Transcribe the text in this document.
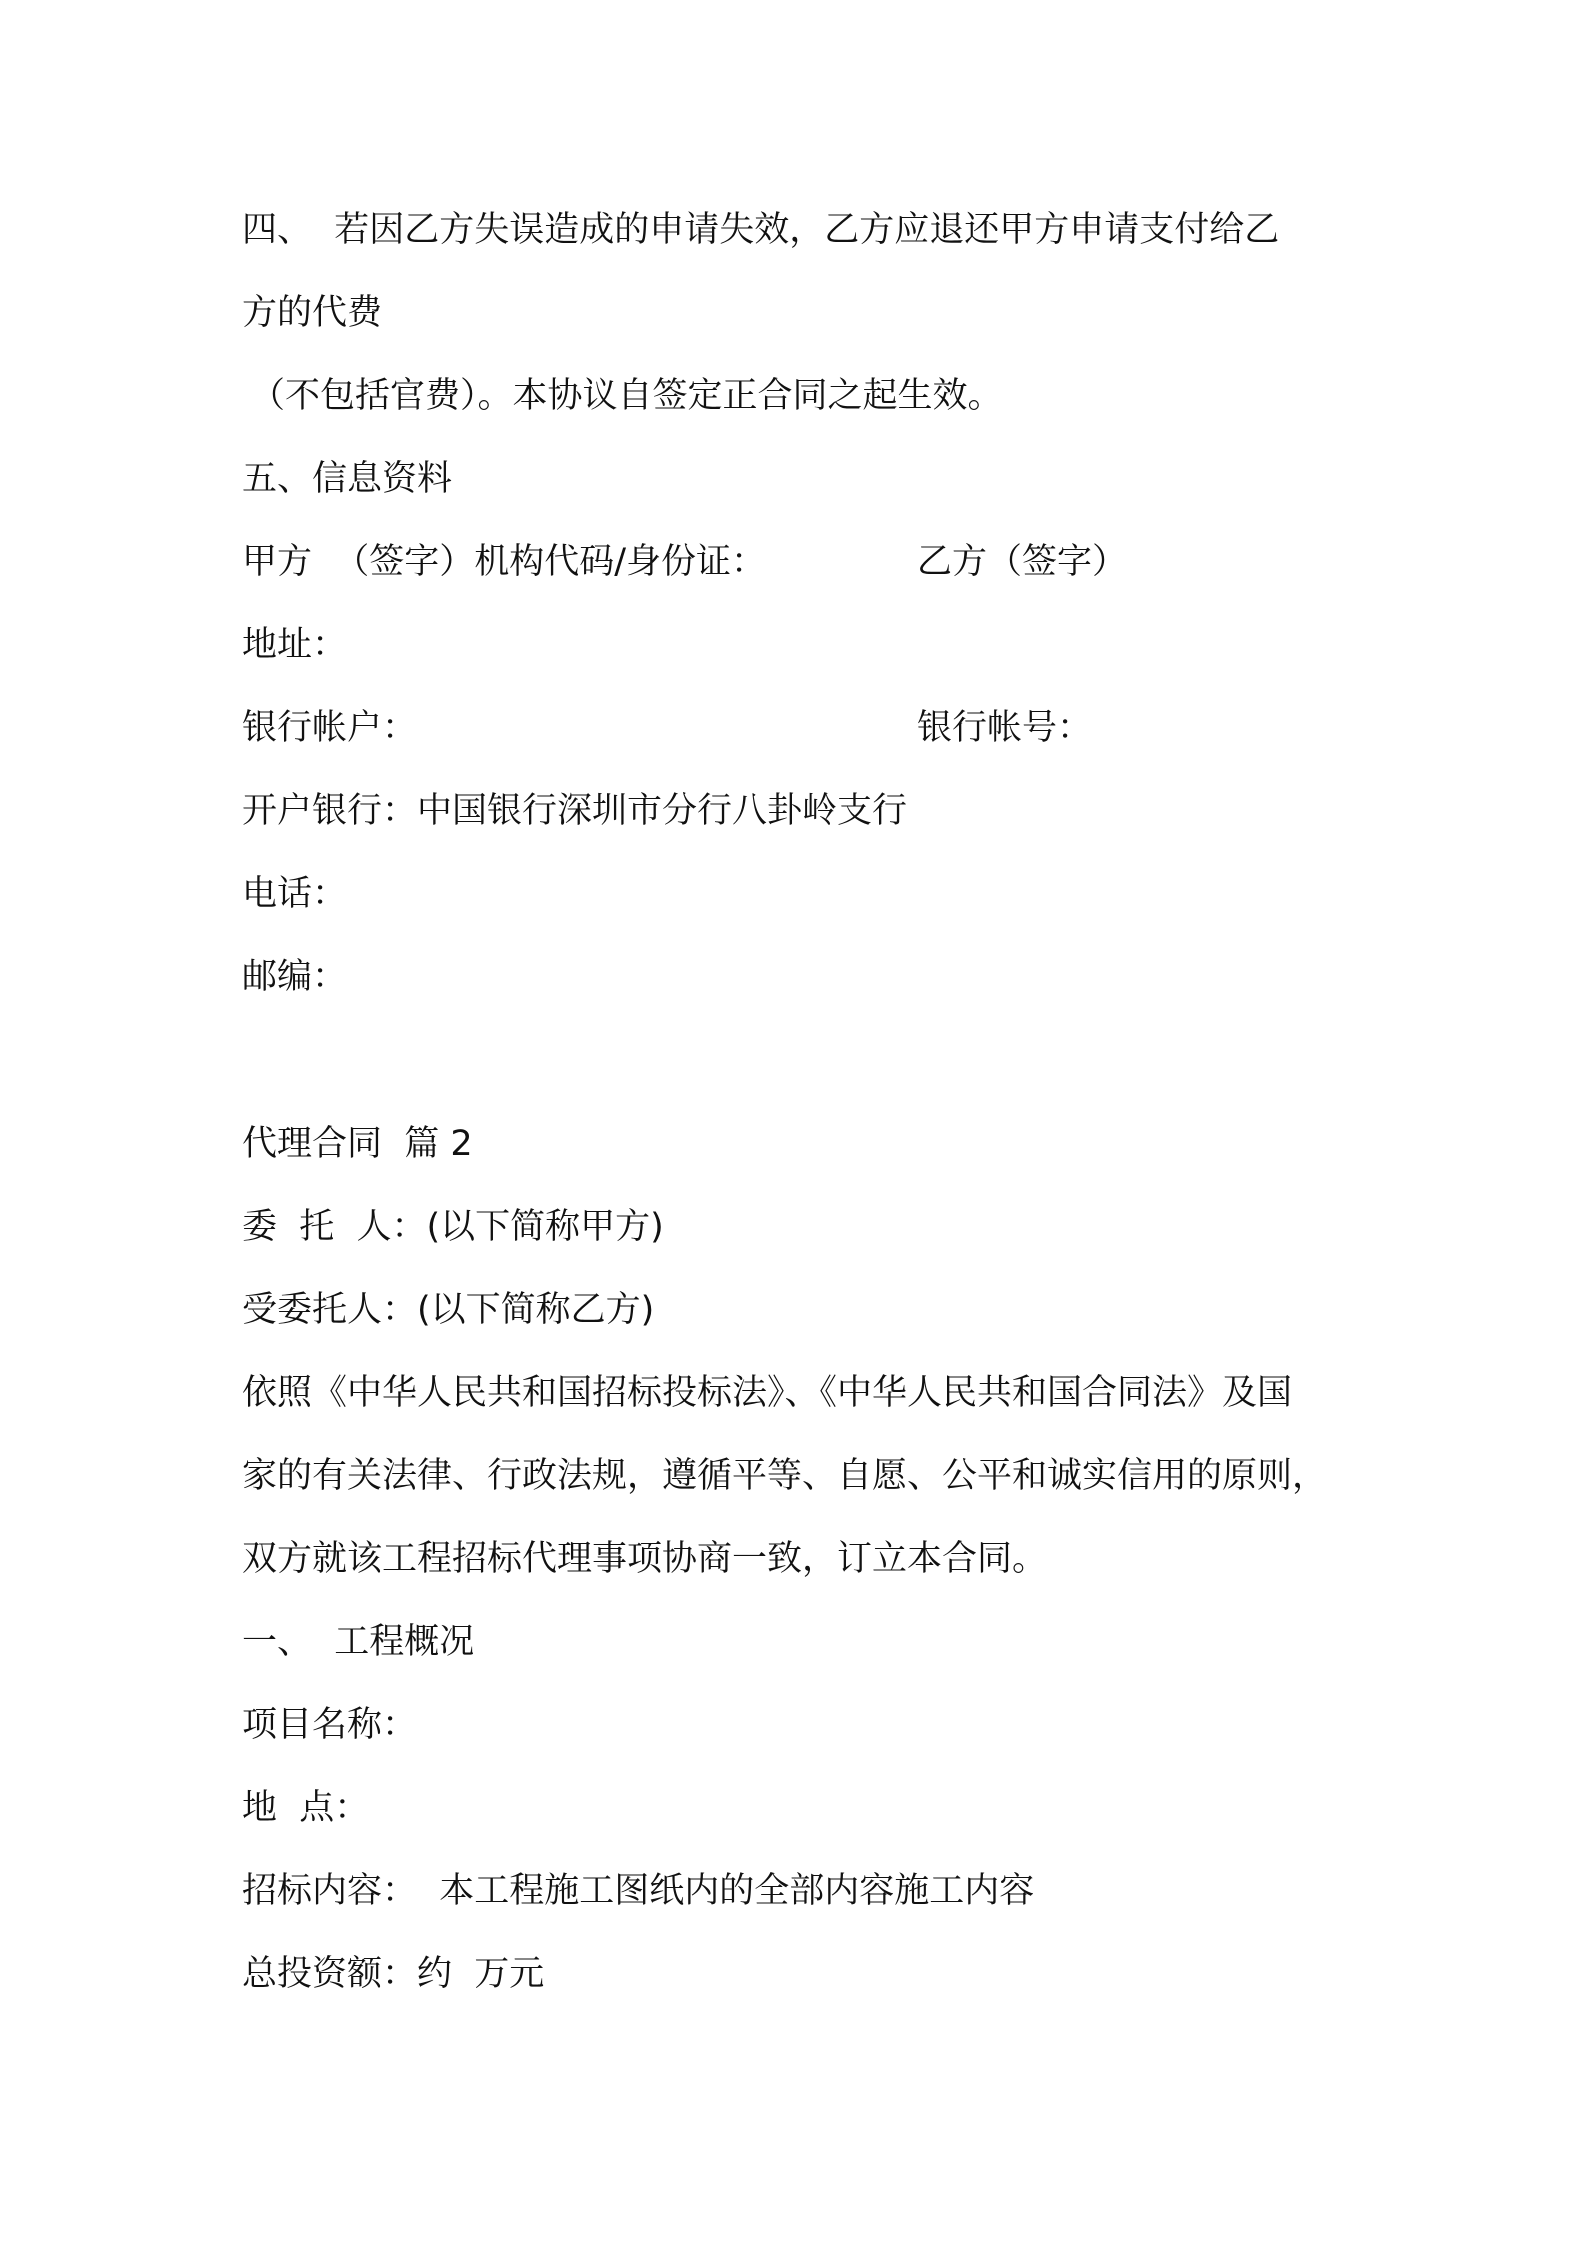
四、  若因乙方失误造成的申请失效，乙方应退还甲方申请支付给乙
方的代费
（不包括官费）。本协议自签定正合同之起生效。
五、信息资料
甲方  （签字）机构代码/身份证：	乙方（签字）
地址：
银行帐户：	银行帐号：
开户银行：中国银行深圳市分行八卦岭支行
电话：
邮编：
代理合同  篇 2
委  托  人：(以下简称甲方)
受委托人：(以下简称乙方)
依照《中华人民共和国招标投标法》、《中华人民共和国合同法》及国
家的有关法律、行政法规，遵循平等、自愿、公平和诚实信用的原则，
双方就该工程招标代理事项协商一致，订立本合同。
一、  工程概况
项目名称：
地  点：
招标内容：  本工程施工图纸内的全部内容施工内容
总投资额：约  万元
